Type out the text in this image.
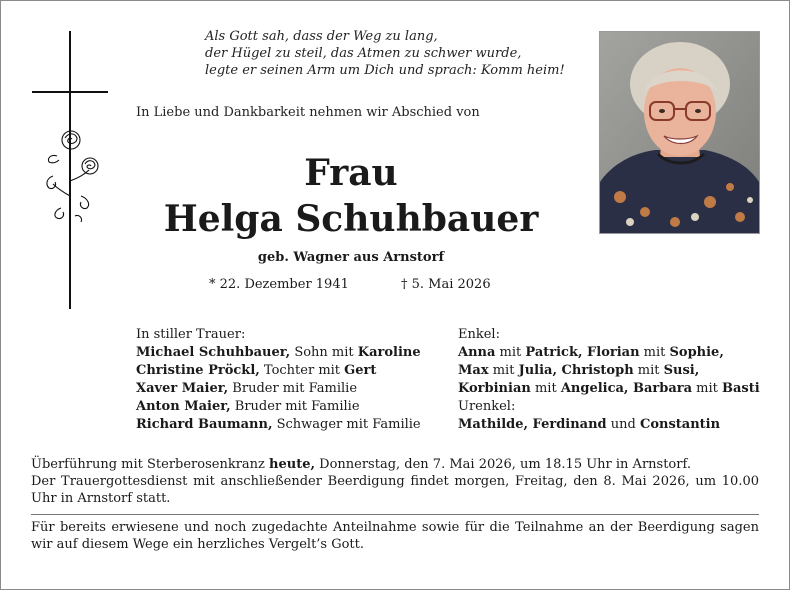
Als Gott sah, dass der Weg zu lang,
der Hügel zu steil, das Atmen zu schwer wurde,
legte er seinen Arm um Dich und sprach: Komm heim!
In Liebe und Dankbarkeit nehmen wir Abschied von
Frau
Helga Schuhbauer
geb. Wagner aus Arnstorf
* 22. Dezember 1941	† 5. Mai 2026
In stiller Trauer:
Michael Schuhbauer, Sohn mit Karoline
Christine Pröckl, Tochter mit Gert
Xaver Maier, Bruder mit Familie
Anton Maier, Bruder mit Familie
Richard Baumann, Schwager mit Familie
Enkel:
Anna mit Patrick, Florian mit Sophie,
Max mit Julia, Christoph mit Susi,
Korbinian mit Angelica, Barbara mit Basti
Urenkel:
Mathilde, Ferdinand und Constantin

Überführung mit Sterberosenkranz heute, Donnerstag, den 7. Mai 2026, um 18.15 Uhr in Arnstorf.

Der Trauergottesdienst mit anschließender Beerdigung findet morgen, Freitag, den 8. Mai 2026, um 10.00 Uhr in Arnstorf statt.

Für bereits erwiesene und noch zugedachte Anteilnahme sowie für die Teilnahme an der Beerdigung sagen wir auf diesem Wege ein herzliches Vergelt’s Gott.
